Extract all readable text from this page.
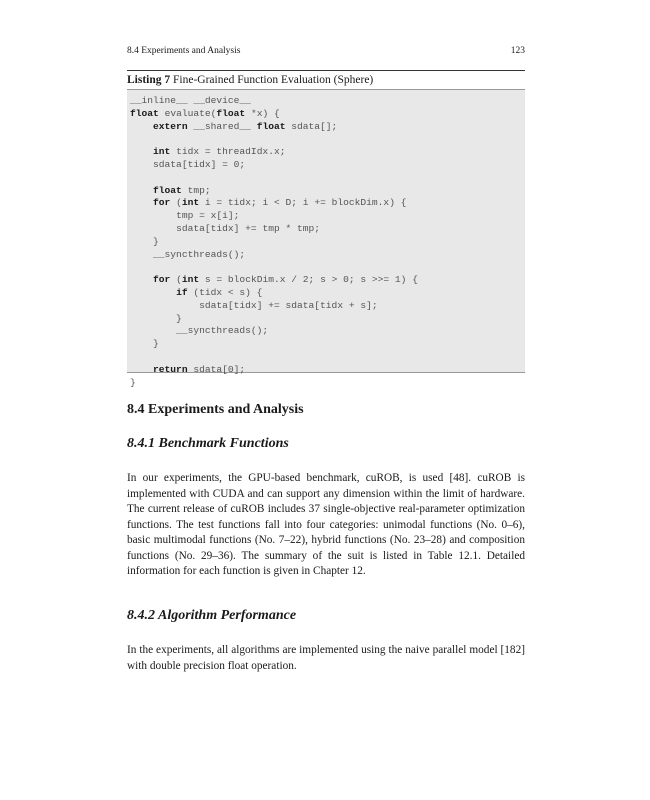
8.4 Experiments and Analysis	123
Listing 7 Fine-Grained Function Evaluation (Sphere)
__inline__ __device__
float evaluate(float *x) {
extern __shared__ float sdata[];
int tidx = threadIdx.x;
sdata[tidx] = 0;
float tmp;
for (int i = tidx; i < D; i += blockDim.x) {
tmp = x[i];
sdata[tidx] += tmp * tmp;
}
__syncthreads();
for (int s = blockDim.x / 2; s > 0; s >>= 1) {
if (tidx < s) {
sdata[tidx] += sdata[tidx + s];
}
__syncthreads();
}
return sdata[0];
}
8.4 Experiments and Analysis
8.4.1 Benchmark Functions

In our experiments, the GPU-based benchmark, cuROB, is used [48]. cuROB is implemented with CUDA and can support any dimension within the limit of hardware. The current release of cuROB includes 37 single-objective real-parameter optimization functions. The test functions fall into four categories: unimodal functions (No. 0–6), basic multimodal functions (No. 7–22), hybrid functions (No. 23–28) and composition functions (No. 29–36). The summary of the suit is listed in Table 12.1. Detailed information for each function is given in Chapter 12.

8.4.2 Algorithm Performance

In the experiments, all algorithms are implemented using the naive parallel model [182] with double precision float operation.
